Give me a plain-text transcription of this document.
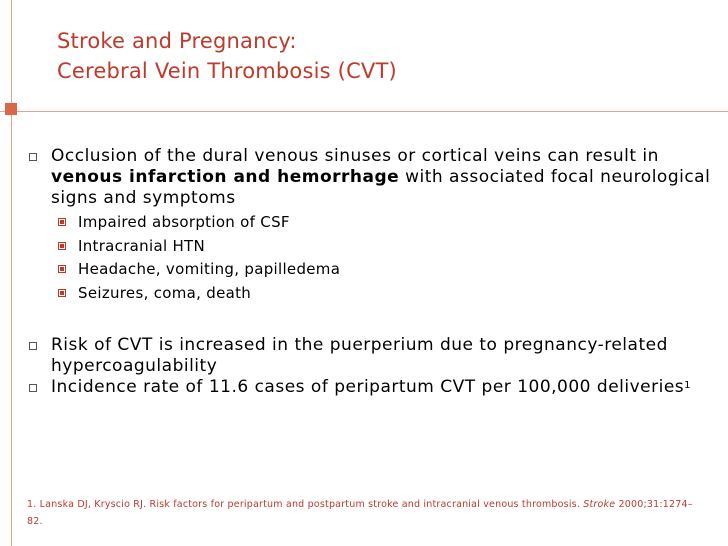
Stroke and Pregnancy:
Cerebral Vein Thrombosis (CVT)
Occlusion of the dural venous sinuses or cortical veins can result in venous infarction and hemorrhage with associated focal neurological signs and symptoms
Impaired absorption of CSF
Intracranial HTN
Headache, vomiting, papilledema
Seizures, coma, death
Risk of CVT is increased in the puerperium due to pregnancy-related hypercoagulability
Incidence rate of 11.6 cases of peripartum CVT per 100,000 deliveries$^1$
1. Lanska DJ, Kryscio RJ. Risk factors for peripartum and postpartum stroke and intracranial venous thrombosis. Stroke 2000;31:1274–82.
